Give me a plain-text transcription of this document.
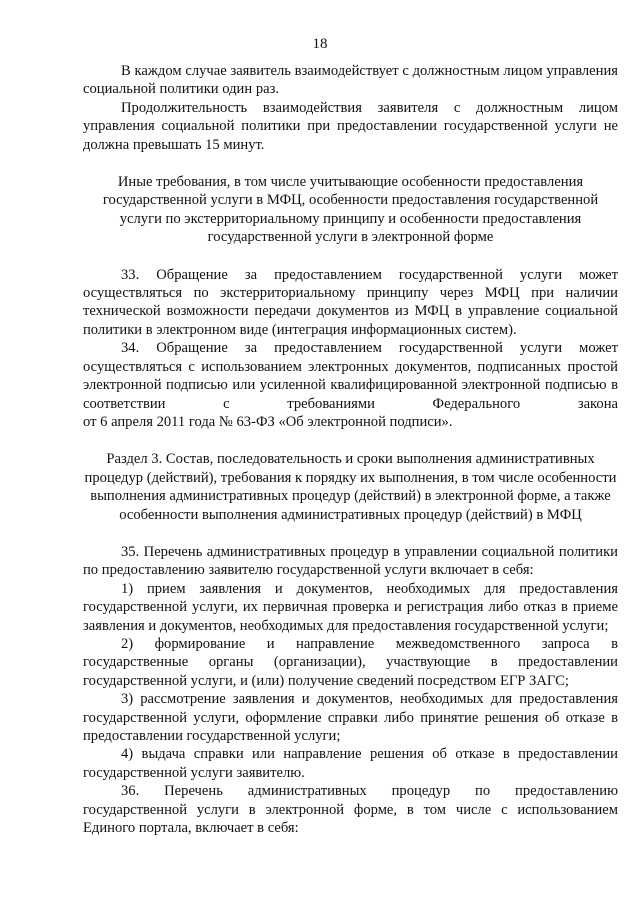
18

В каждом случае заявитель взаимодействует с должностным лицом управления социальной политики один раз.

Продолжительность взаимодействия заявителя с должностным лицом управления социальной политики при предоставлении государственной услуги не должна превышать 15 минут.

Иные требования, в том числе учитывающие особенности предоставления государственной услуги в МФЦ, особенности предоставления государственной услуги по экстерриториальному принципу и особенности предоставления государственной услуги в электронной форме

33. Обращение за предоставлением государственной услуги может осуществляться по экстерриториальному принципу через МФЦ при наличии технической возможности передачи документов из МФЦ в управление социальной политики в электронном виде (интеграция информационных систем).

34. Обращение за предоставлением государственной услуги может осуществляться с использованием электронных документов, подписанных простой электронной подписью или усиленной квалифицированной электронной подписью в соответствии с требованиями Федерального закона

от 6 апреля 2011 года № 63-ФЗ «Об электронной подписи».

Раздел 3. Состав, последовательность и сроки выполнения административных процедур (действий), требования к порядку их выполнения, в том числе особенности выполнения административных процедур (действий) в электронной форме, а также особенности выполнения административных процедур (действий) в МФЦ

35. Перечень административных процедур в управлении социальной политики по предоставлению заявителю государственной услуги включает в себя:

1) прием заявления и документов, необходимых для предоставления государственной услуги, их первичная проверка и регистрация либо отказ в приеме заявления и документов, необходимых для предоставления государственной услуги;

2) формирование и направление межведомственного запроса в государственные органы (организации), участвующие в предоставлении государственной услуги, и (или) получение сведений посредством ЕГР ЗАГС;

3) рассмотрение заявления и документов, необходимых для предоставления государственной услуги, оформление справки либо принятие решения об отказе в предоставлении государственной услуги;

4) выдача справки или направление решения об отказе в предоставлении государственной услуги заявителю.

36. Перечень административных процедур по предоставлению государственной услуги в электронной форме, в том числе с использованием Единого портала, включает в себя:
